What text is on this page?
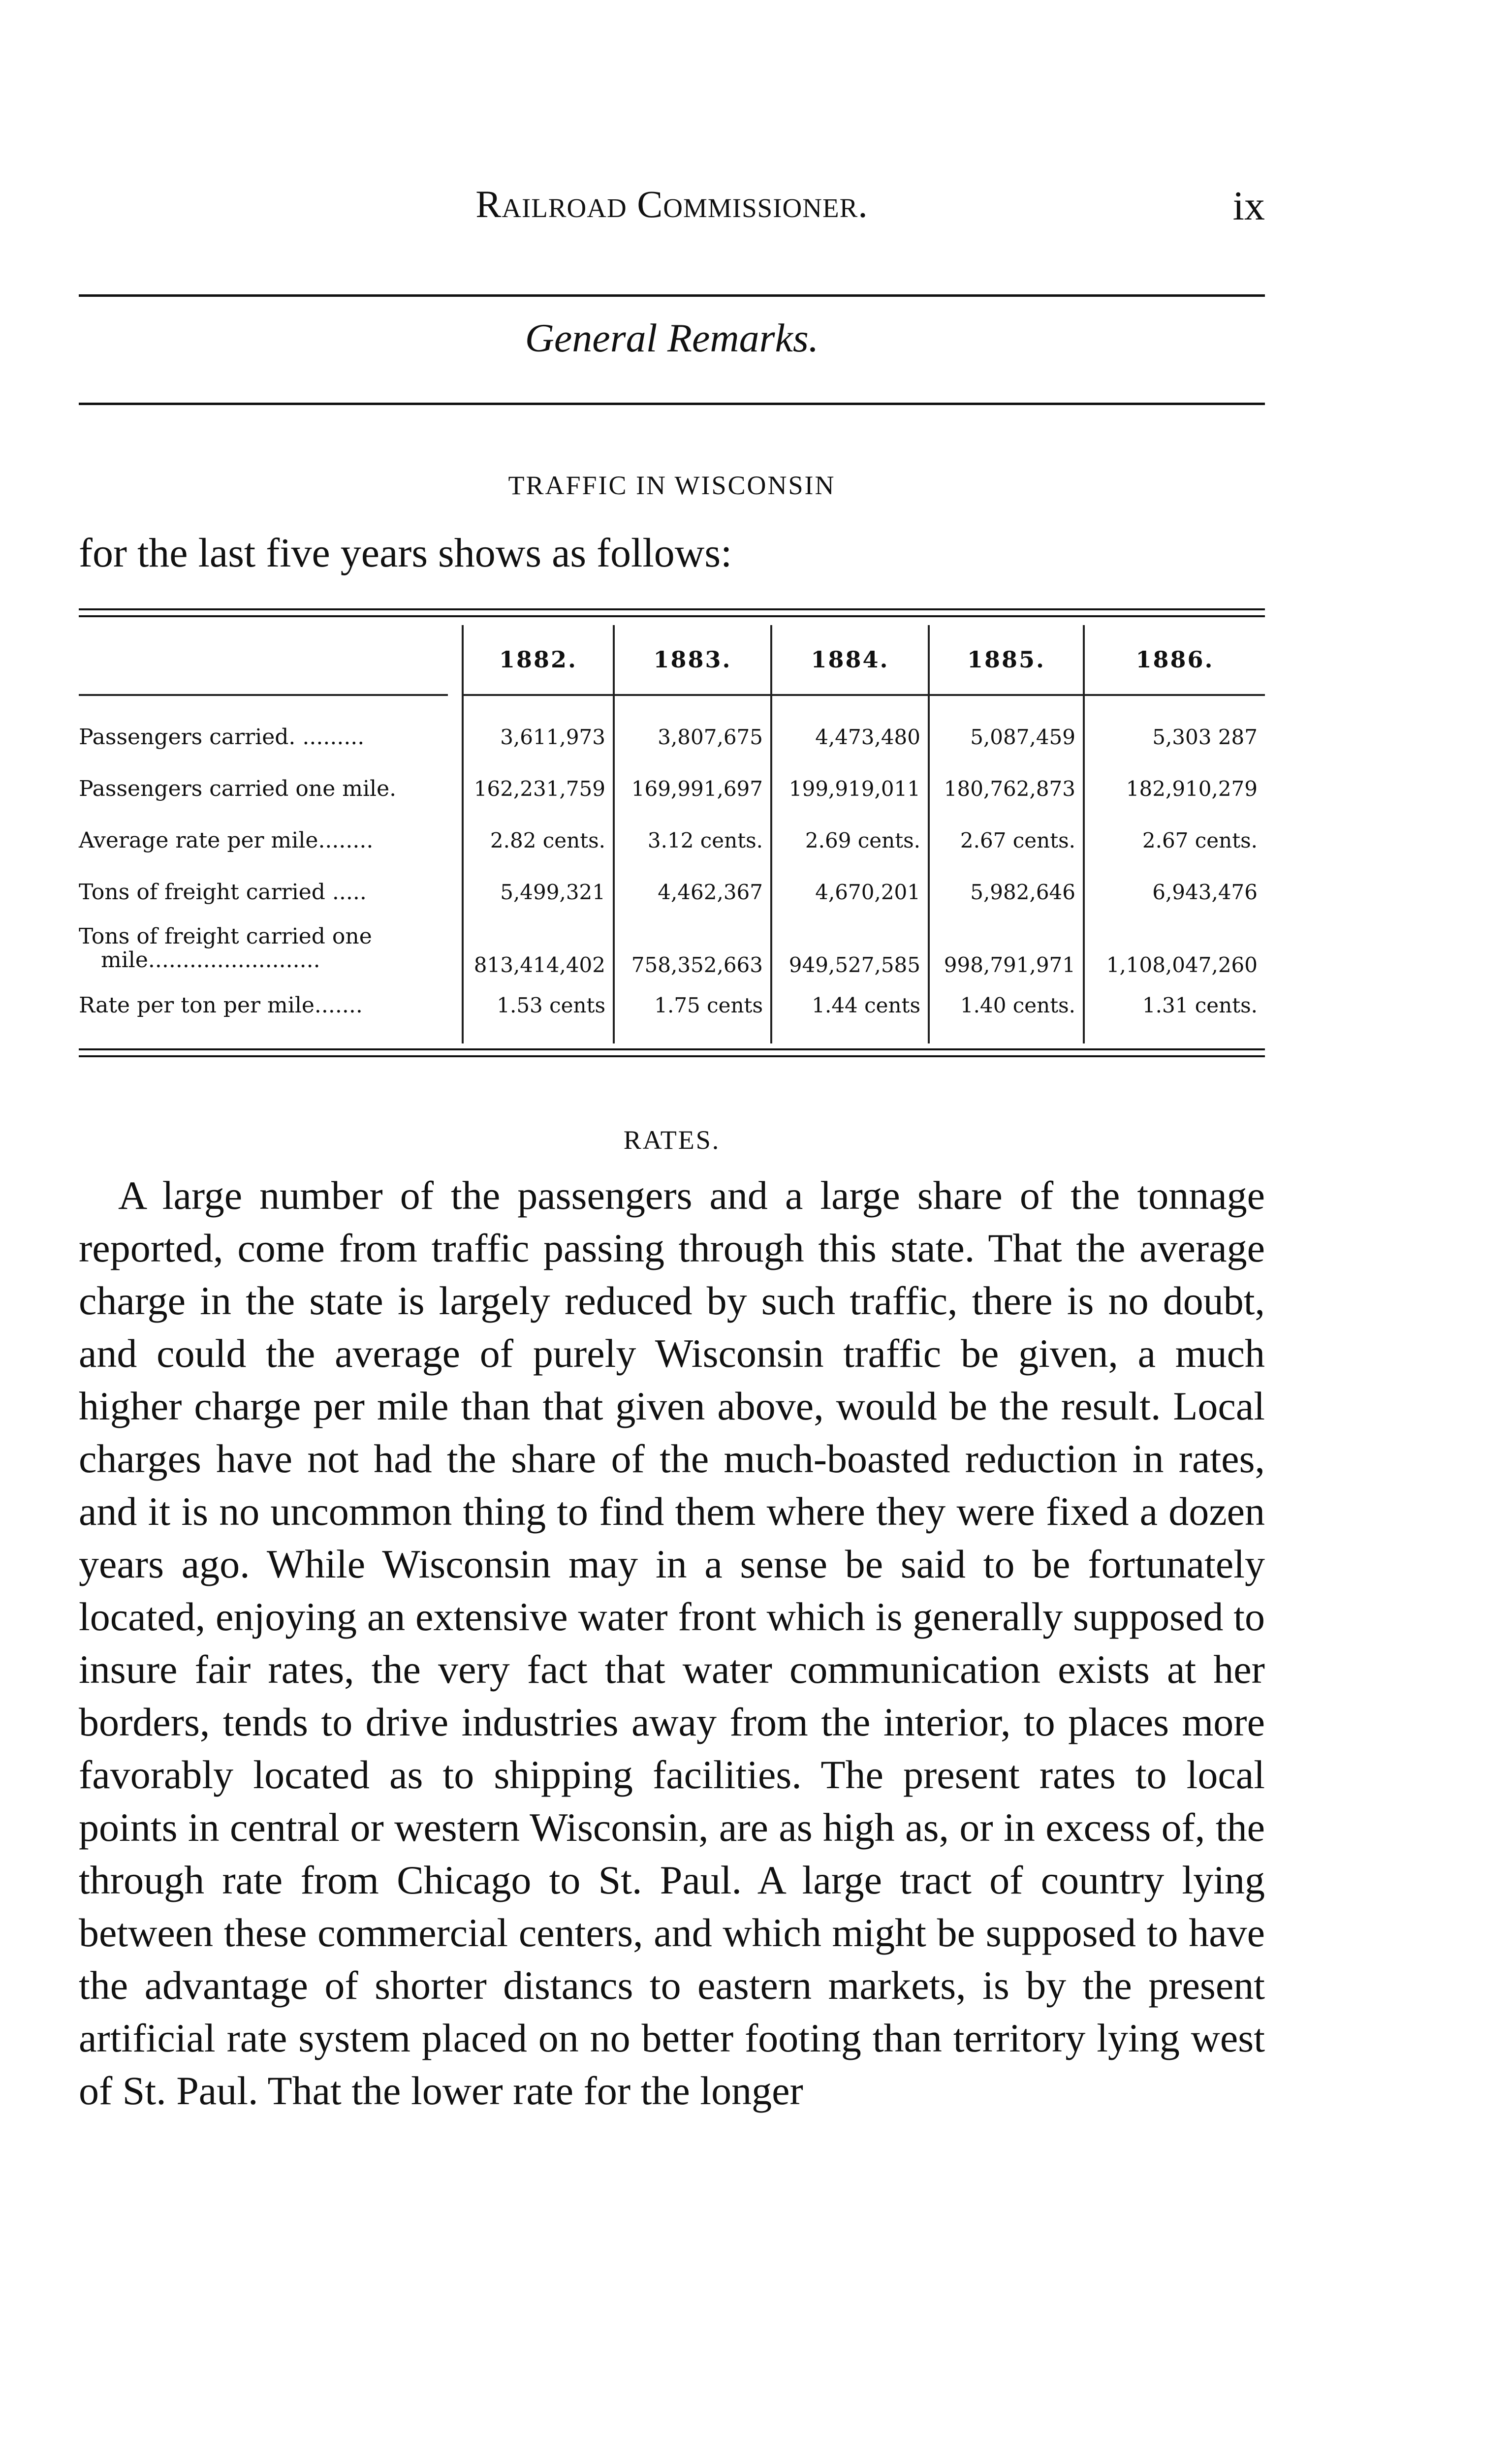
Railroad Commissioner.	ix
General Remarks.
TRAFFIC IN WISCONSIN
for the last five years shows as follows:
1882.	1883.	1884.	1885.	1886.
Passengers carried. .........	3,611,973	3,807,675	4,473,480	5,087,459	5,303 287
Passengers carried one mile.	162,231,759	169,991,697	199,919,011	180,762,873	182,910,279
Average rate per mile........	2.82 cents.	3.12 cents.	2.69 cents.	2.67 cents.	2.67 cents.
Tons of freight carried .....	5,499,321	4,462,367	4,670,201	5,982,646	6,943,476
Tons of freight carried one
mile.........................	813,414,402	758,352,663	949,527,585	998,791,971	1,108,047,260
Rate per ton per mile.......	1.53 cents	1.75 cents	1.44 cents	1.40 cents.	1.31 cents.
RATES.

A large number of the passengers and a large share of the tonnage reported, come from traffic passing through this state. That the average charge in the state is largely reduced by such traffic, there is no doubt, and could the average of purely Wisconsin traffic be given, a much higher charge per mile than that given above, would be the result. Local charges have not had the share of the much-boasted reduction in rates, and it is no uncommon thing to find them where they were fixed a dozen years ago. While Wisconsin may in a sense be said to be fortunately located, enjoying an extensive water front which is generally supposed to insure fair rates, the very fact that water communication exists at her borders, tends to drive industries away from the interior, to places more favorably located as to shipping facilities. The present rates to local points in central or western Wisconsin, are as high as, or in excess of, the through rate from Chicago to St. Paul. A large tract of country lying between these commercial centers, and which might be supposed to have the advantage of shorter distancs to eastern markets, is by the present artificial rate system placed on no better footing than territory lying west of St. Paul. That the lower rate for the longer
